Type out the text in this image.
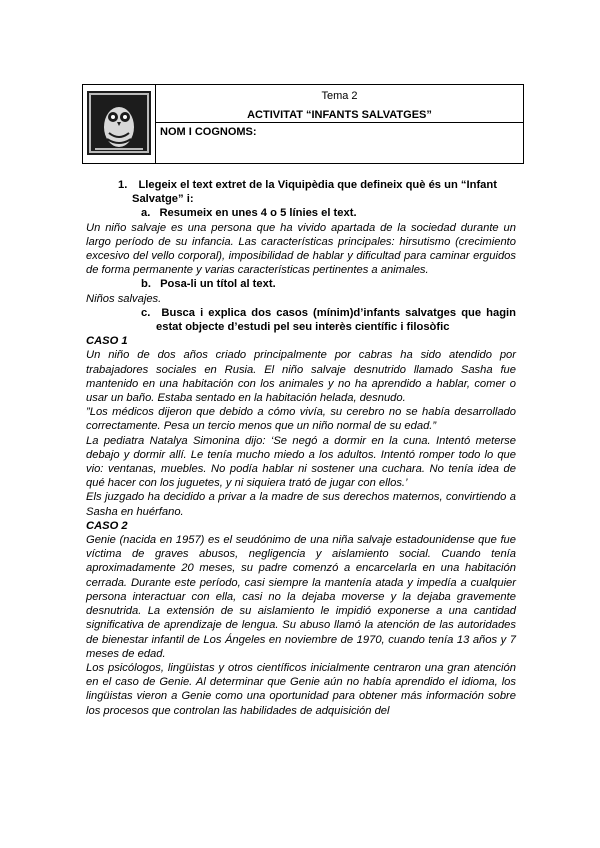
Tema 2
ACTIVITAT “INFANTS SALVATGES”
NOM I COGNOMS:

1. Llegeix el text extret de la Viquipèdia que defineix què és un “Infant Salvatge” i:

a. Resumeix en unes 4 o 5 línies el text.

Un niño salvaje es una persona que ha vivido apartada de la sociedad durante un largo período de su infancia. Las características principales: hirsutismo (crecimiento excesivo del vello corporal), imposibilidad de hablar y dificultad para caminar erguidos de forma permanente y varias características pertinentes a animales.

b. Posa-li un títol al text.

Niños salvajes.

c. Busca i explica dos casos (mínim)d’infants salvatges que hagin estat objecte d’estudi pel seu interès científic i filosòfic

CASO 1

Un niño de dos años criado principalmente por cabras ha sido atendido por trabajadores sociales en Rusia. El niño salvaje desnutrido llamado Sasha fue mantenido en una habitación con los animales y no ha aprendido a hablar, comer o usar un baño. Estaba sentado en la habitación helada, desnudo.

”Los médicos dijeron que debido a cómo vivía, su cerebro no se había desarrollado correctamente. Pesa un tercio menos que un niño normal de su edad.”

La pediatra Natalya Simonina dijo: ‘Se negó a dormir en la cuna. Intentó meterse debajo y dormir allí. Le tenía mucho miedo a los adultos. Intentó romper todo lo que vio: ventanas, muebles. No podía hablar ni sostener una cuchara. No tenía idea de qué hacer con los juguetes, y ni siquiera trató de jugar con ellos.’

Els juzgado ha decidido a privar a la madre de sus derechos maternos, convirtiendo a Sasha en huérfano.

CASO 2

Genie (nacida en 1957) es el seudónimo de una niña salvaje estadounidense que fue víctima de graves abusos, negligencia y aislamiento social. Cuando tenía aproximadamente 20 meses, su padre comenzó a encarcelarla en una habitación cerrada. Durante este período, casi siempre la mantenía atada y impedía a cualquier persona interactuar con ella, casi no la dejaba moverse y la dejaba gravemente desnutrida. La extensión de su aislamiento le impidió exponerse a una cantidad significativa de aprendizaje de lengua. Su abuso llamó la atención de las autoridades de bienestar infantil de Los Ángeles en noviembre de 1970, cuando tenía 13 años y 7 meses de edad.

Los psicólogos, lingüistas y otros científicos inicialmente centraron una gran atención en el caso de Genie. Al determinar que Genie aún no había aprendido el idioma, los lingüistas vieron a Genie como una oportunidad para obtener más información sobre los procesos que controlan las habilidades de adquisición del
